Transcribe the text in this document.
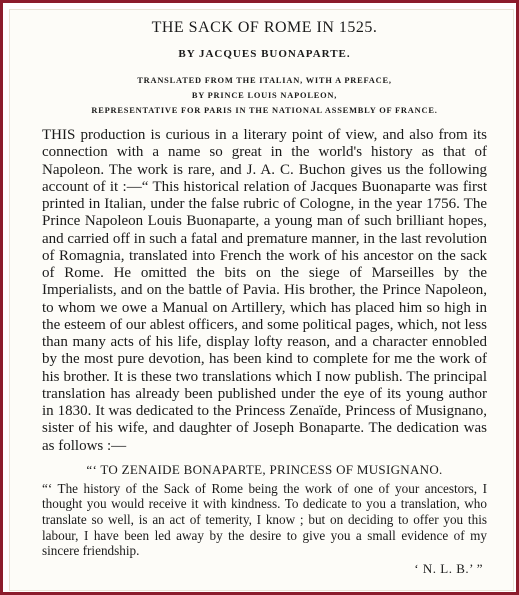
THE SACK OF ROME IN 1525.
BY JACQUES BUONAPARTE.
TRANSLATED FROM THE ITALIAN, WITH A PREFACE,
BY PRINCE LOUIS NAPOLEON,
REPRESENTATIVE FOR PARIS IN THE NATIONAL ASSEMBLY OF FRANCE.
THIS production is curious in a literary point of view, and also from its connection with a name so great in the world's history as that of Napoleon. The work is rare, and J. A. C. Buchon gives us the following account of it :—“ This historical relation of Jacques Buonaparte was first printed in Italian, under the false rubric of Cologne, in the year 1756. The Prince Napoleon Louis Buonaparte, a young man of such brilliant hopes, and carried off in such a fatal and premature manner, in the last revolution of Romagnia, translated into French the work of his ancestor on the sack of Rome. He omitted the bits on the siege of Marseilles by the Imperialists, and on the battle of Pavia. His brother, the Prince Napoleon, to whom we owe a Manual on Artillery, which has placed him so high in the esteem of our ablest officers, and some political pages, which, not less than many acts of his life, display lofty reason, and a character ennobled by the most pure devotion, has been kind to complete for me the work of his brother. It is these two translations which I now publish. The principal translation has already been published under the eye of its young author in 1830. It was dedicated to the Princess Zenaïde, Princess of Musignano, sister of his wife, and daughter of Joseph Bonaparte. The dedication was as follows :—
“‘ TO ZENAIDE BONAPARTE, PRINCESS OF MUSIGNANO.
“‘ The history of the Sack of Rome being the work of one of your ancestors, I thought you would receive it with kindness. To dedicate to you a translation, who translate so well, is an act of temerity, I know ; but on deciding to offer you this labour, I have been led away by the desire to give you a small evidence of my sincere friendship.
‘ N. L. B.’ ”
